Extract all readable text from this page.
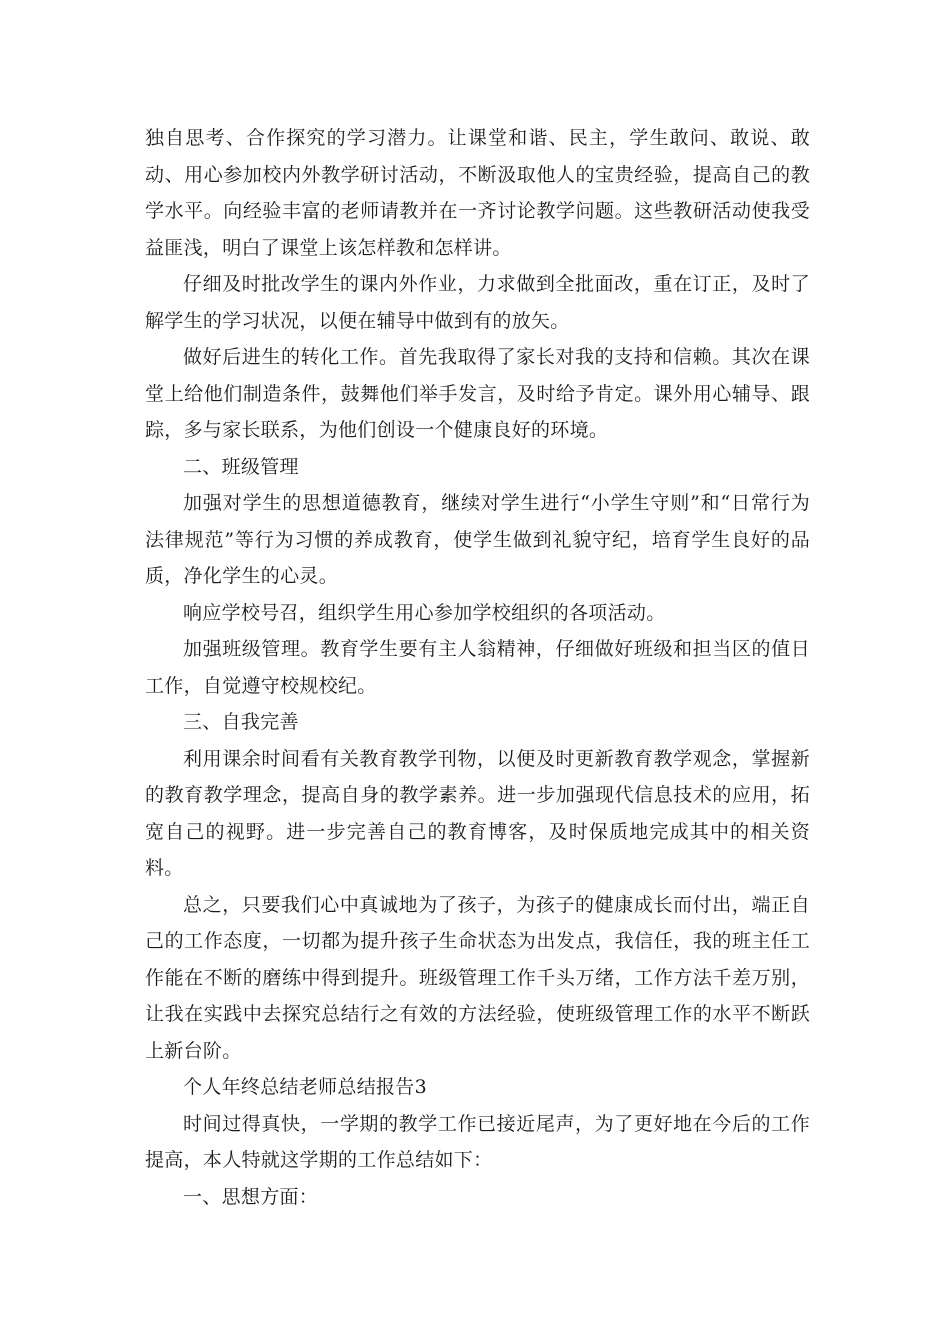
独自思考、合作探究的学习潜力。让课堂和谐、民主，学生敢问、敢说、敢动、用心参加校内外教学研讨活动，不断汲取他人的宝贵经验，提高自己的教学水平。向经验丰富的老师请教并在一齐讨论教学问题。这些教研活动使我受益匪浅，明白了课堂上该怎样教和怎样讲。

仔细及时批改学生的课内外作业，力求做到全批面改，重在订正，及时了解学生的学习状况，以便在辅导中做到有的放矢。

做好后进生的转化工作。首先我取得了家长对我的支持和信赖。其次在课堂上给他们制造条件，鼓舞他们举手发言，及时给予肯定。课外用心辅导、跟踪，多与家长联系，为他们创设一个健康良好的环境。

二、班级管理

加强对学生的思想道德教育，继续对学生进行“小学生守则”和“日常行为法律规范”等行为习惯的养成教育，使学生做到礼貌守纪，培育学生良好的品质，净化学生的心灵。

响应学校号召，组织学生用心参加学校组织的各项活动。

加强班级管理。教育学生要有主人翁精神，仔细做好班级和担当区的值日工作，自觉遵守校规校纪。

三、自我完善

利用课余时间看有关教育教学刊物，以便及时更新教育教学观念，掌握新的教育教学理念，提高自身的教学素养。进一步加强现代信息技术的应用，拓宽自己的视野。进一步完善自己的教育博客，及时保质地完成其中的相关资料。

总之，只要我们心中真诚地为了孩子，为孩子的健康成长而付出，端正自己的工作态度，一切都为提升孩子生命状态为出发点，我信任，我的班主任工作能在不断的磨练中得到提升。班级管理工作千头万绪，工作方法千差万别，让我在实践中去探究总结行之有效的方法经验，使班级管理工作的水平不断跃上新台阶。

个人年终总结老师总结报告3

时间过得真快，一学期的教学工作已接近尾声，为了更好地在今后的工作提高，本人特就这学期的工作总结如下：

一、思想方面：
